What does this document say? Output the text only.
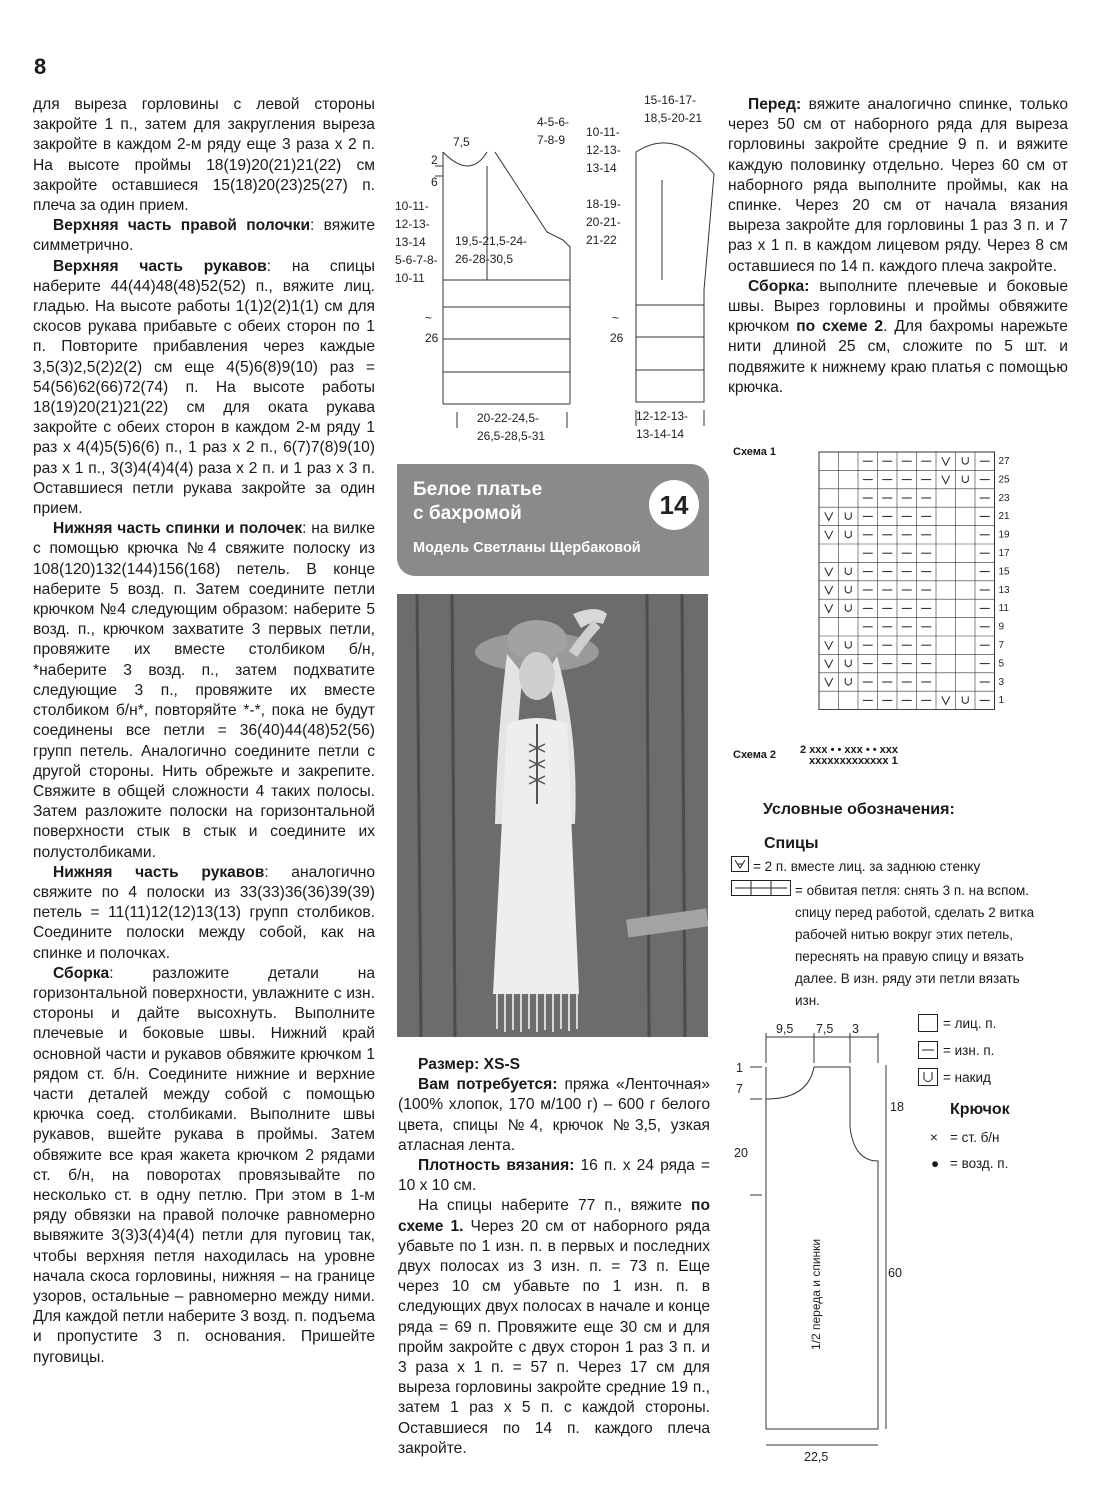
8

для выреза горловины с левой стороны закройте 1 п., затем для закругления выреза закройте в каждом 2-м ряду еще 3 раза х 2 п. На высоте проймы 18(19)20(21)21(22) см закройте оставшиеся 15(18)20(23)25(27) п. плеча за один прием.

Верхняя часть правой полочки: вяжите симметрично.

Верхняя часть рукавов: на спицы наберите 44(44)48(48)52(52) п., вяжите лиц. гладью. На высоте работы 1(1)2(2)1(1) см для скосов рукава прибавьте с обеих сторон по 1 п. Повторите прибавления через каждые 3,5(3)2,5(2)2(2) см еще 4(5)6(8)9(10) раз = 54(56)62(66)72(74) п. На высоте работы 18(19)20(21)21(22) см для оката рукава закройте с обеих сторон в каждом 2-м ряду 1 раз х 4(4)5(5)6(6) п., 1 раз х 2 п., 6(7)7(8)9(10) раз х 1 п., 3(3)4(4)4(4) раза х 2 п. и 1 раз х 3 п. Оставшиеся петли рукава закройте за один прием.

Нижняя часть спинки и полочек: на вилке с помощью крючка №4 свяжите полоску из 108(120)132(144)156(168) петель. В конце наберите 5 возд. п. Затем соедините петли крючком №4 следующим образом: наберите 5 возд. п., крючком захватите 3 первых петли, провяжите их вместе столбиком б/н, *наберите 3 возд. п., затем подхватите следующие 3 п., провяжите их вместе столбиком б/н*, повторяйте *-*, пока не будут соединены все петли = 36(40)44(48)52(56) групп петель. Аналогично соедините петли с другой стороны. Нить обрежьте и закрепите. Свяжите в общей сложности 4 таких полосы. Затем разложите полоски на горизонтальной поверхности стык в стык и соедините их полустолбиками.

Нижняя часть рукавов: аналогично свяжите по 4 полоски из 33(33)36(36)39(39) петель = 11(11)12(12)13(13) групп столбиков. Соедините полоски между собой, как на спинке и полочках.

Сборка: разложите детали на горизонтальной поверхности, увлажните с изн. стороны и дайте высохнуть. Выполните плечевые и боковые швы. Нижний край основной части и рукавов обвяжите крючком 1 рядом ст. б/н. Соедините нижние и верхние части деталей между собой с помощью крючка соед. столбиками. Выполните швы рукавов, вшейте рукава в проймы. Затем обвяжите все края жакета крючком 2 рядами ст. б/н, на поворотах провязывайте по несколько ст. в одну петлю. При этом в 1-м ряду обвязки на правой полочке равномерно вывяжите 3(3)3(4)4(4) петли для пуговиц так, чтобы верхняя петля находилась на уровне начала скоса горловины, нижняя – на границе узоров, остальные – равномерно между ними. Для каждой петли наберите 3 возд. п. подъема и пропустите 3 п. основания. Пришейте пуговицы.

7,5
4-5-6-
7-8-9
2
6
10-11-
12-13-
13-14
5-6-7-8-
10-11
19,5-21,5-24-
26-28-30,5
~
26
20-22-24,5-
26,5-28,5-31
15-16-17-
18,5-20-21
10-11-
12-13-
13-14
18-19-
20-21-
21-22
~
26
12-12-13-
13-14-14
Белое платье
с бахромой
Модель Светланы Щербаковой
14

Размер: XS-S

Вам потребуется: пряжа «Ленточная» (100% хлопок, 170 м/100 г) – 600 г белого цвета, спицы №4, крючок №3,5, узкая атласная лента.

Плотность вязания: 16 п. х 24 ряда = 10 х 10 см.

На спицы наберите 77 п., вяжите по схеме 1. Через 20 см от наборного ряда убавьте по 1 изн. п. в первых и последних двух полосах из 3 изн. п. = 73 п. Еще через 10 см убавьте по 1 изн. п. в следующих двух полосах в начале и конце ряда = 69 п. Провяжите еще 30 см и для пройм закройте с двух сторон 1 раз 3 п. и 3 раза х 1 п. = 57 п. Через 17 см для выреза горловины закройте средние 19 п., затем 1 раз х 5 п. с каждой стороны. Оставшиеся по 14 п. каждого плеча закройте.

Перед: вяжите аналогично спинке, только через 50 см от наборного ряда для выреза горловины закройте средние 9 п. и вяжите каждую половинку отдельно. Через 60 см от наборного ряда выполните проймы, как на спинке. Через 20 см от начала вязания выреза закройте для горловины 1 раз 3 п. и 7 раз х 1 п. в каждом лицевом ряду. Через 8 см оставшиеся по 14 п. каждого плеча закройте.

Сборка: выполните плечевые и боковые швы. Вырез горловины и проймы обвяжите крючком по схеме 2. Для бахромы нарежьте нити длиной 25 см, сложите по 5 шт. и подвяжите к нижнему краю платья с помощью крючка.

Схема 1
27
25
23
21
19
17
15
13
11
9
7
5
3
1
Схема 2 2 xxx • • xxx • • xxx
xxxxxxxxxxxxx 1
Условные обозначения:
Спицы
= 2 п. вместе лиц. за заднюю стенку
= обвитая петля: снять 3 п. на вспом. спицу перед работой, сделать 2 витка рабочей нитью вокруг этих петель, переснять на правую спицу и вязать далее. В изн. ряду эти петли вязать изн.
= лиц. п.
= изн. п.
= накид
Крючок
× = ст. б/н
● = возд. п.
9,5 7,5 3
1
7
18
20
60
22,5
1/2 переда и спинки
